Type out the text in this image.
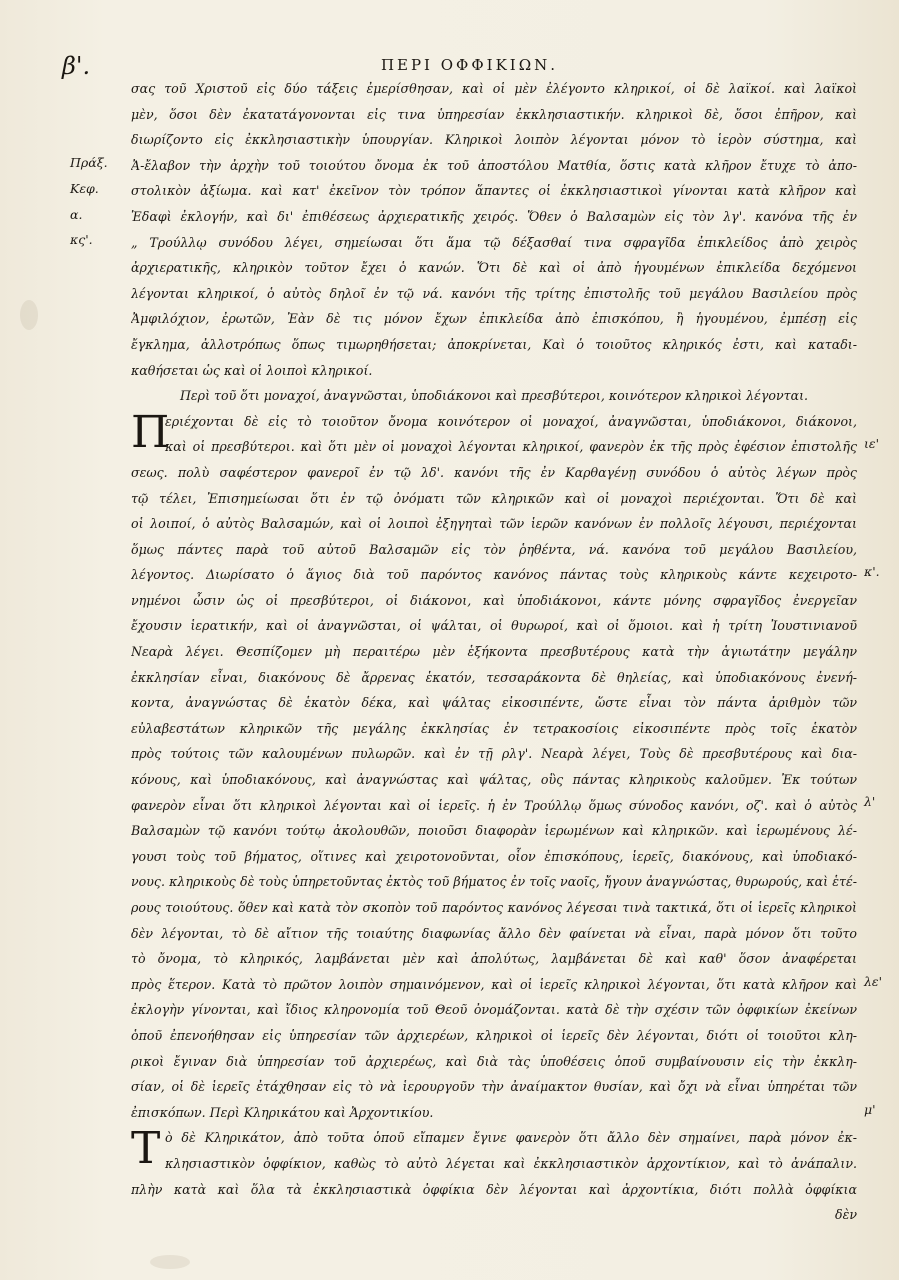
β'.	ΠΕΡΙ ΟΦΦΙΚΙΩΝ.
Πράξ.
Κεφ.
α.
κς'.
ιε'
κ'.
λ'
λε'
μ'
σας τοῦ Χριστοῦ εἰς δύο τάξεις ἐμερίσθησαν, καὶ οἱ μὲν ἐλέγοντο κληρικοί, οἱ δὲ λαϊκοί. καὶ λαϊκοὶ
μὲν, ὅσοι δὲν ἐκατατάγονονται εἰς τινα ὑπηρεσίαν ἐκκλησιαστικήν. κληρικοὶ δὲ, ὅσοι ἐπῆρον, καὶ
διωρίζοντο εἰς ἐκκλησιαστικὴν ὑπουργίαν. Κληρικοὶ λοιπὸν λέγονται μόνον τὸ ἱερὸν σύστημα, καὶ
Ἀ-ἔλαβον τὴν ἀρχὴν τοῦ τοιούτου ὄνομα ἐκ τοῦ ἀποστόλου Ματθία, ὅστις κατὰ κλῆρον ἔτυχε τὸ ἀπο-
στολικὸν ἀξίωμα. καὶ κατ' ἐκεῖνον τὸν τρόπον ἅπαντες οἱ ἐκκλησιαστικοὶ γίνονται κατὰ κλῆρον καὶ
Ἐδαφὶ ἐκλογήν, καὶ δι' ἐπιθέσεως ἀρχιερατικῆς χειρός. Ὅθεν ὁ Βαλσαμὼν εἰς τὸν λγ'. κανόνα τῆς ἐν
„ Τρούλλῳ συνόδου λέγει, σημείωσαι ὅτι ἅμα τῷ δέξασθαί τινα σφραγῖδα ἐπικλείδος ἀπὸ χειρὸς
ἀρχιερατικῆς, κληρικὸν τοῦτον ἔχει ὁ κανών. Ὅτι δὲ καὶ οἱ ἀπὸ ἡγουμένων ἐπικλείδα δεχόμενοι
λέγονται κληρικοί, ὁ αὐτὸς δηλοῖ ἐν τῷ νά. κανόνι τῆς τρίτης ἐπιστολῆς τοῦ μεγάλου Βασιλείου πρὸς
Ἀμφιλόχιον, ἐρωτῶν, Ἐὰν δὲ τις μόνον ἔχων ἐπικλείδα ἀπὸ ἐπισκόπου, ἢ ἡγουμένου, ἐμπέσῃ εἰς
ἔγκλημα, ἀλλοτρόπως ὅπως τιμωρηθήσεται; ἀποκρίνεται, Καὶ ὁ τοιοῦτος κληρικός ἐστι, καὶ καταδι-
καθήσεται ὡς καὶ οἱ λοιποὶ κληρικοί.
Περὶ τοῦ ὅτι μοναχοί, ἀναγνῶσται, ὑποδιάκονοι καὶ πρεσβύτεροι, κοινότερον κληρικοὶ λέγονται.
Π
εριέχονται δὲ εἰς τὸ τοιοῦτον ὄνομα κοινότερον οἱ μοναχοί, ἀναγνῶσται, ὑποδιάκονοι, διάκονοι,
καὶ οἱ πρεσβύτεροι. καὶ ὅτι μὲν οἱ μοναχοὶ λέγονται κληρικοί, φανερὸν ἐκ τῆς πρὸς ἐφέσιον ἐπιστολῆς
σεως. πολὺ σαφέστερον φανεροῖ ἐν τῷ λδ'. κανόνι τῆς ἐν Καρθαγένῃ συνόδου ὁ αὐτὸς λέγων πρὸς
τῷ τέλει, Ἐπισημείωσαι ὅτι ἐν τῷ ὀνόματι τῶν κληρικῶν καὶ οἱ μοναχοὶ περιέχονται. Ὅτι δὲ καὶ
οἱ λοιποί, ὁ αὐτὸς Βαλσαμών, καὶ οἱ λοιποὶ ἐξηγηταὶ τῶν ἱερῶν κανόνων ἐν πολλοῖς λέγουσι, περιέχονται
ὅμως πάντες παρὰ τοῦ αὐτοῦ Βαλσαμῶν εἰς τὸν ῥηθέντα, νά. κανόνα τοῦ μεγάλου Βασιλείου,
λέγοντος. Διωρίσατο ὁ ἅγιος διὰ τοῦ παρόντος κανόνος πάντας τοὺς κληρικοὺς κάντε κεχειροτο-
νημένοι ὦσιν ὡς οἱ πρεσβύτεροι, οἱ διάκονοι, καὶ ὑποδιάκονοι, κάντε μόνης σφραγῖδος ἐνεργεῖαν
ἔχουσιν ἱερατικήν, καὶ οἱ ἀναγνῶσται, οἱ ψάλται, οἱ θυρωροί, καὶ οἱ ὅμοιοι. καὶ ἡ τρίτη Ἰουστινιανοῦ
Νεαρὰ λέγει. Θεσπίζομεν μὴ περαιτέρω μὲν ἑξήκοντα πρεσβυτέρους κατὰ τὴν ἁγιωτάτην μεγάλην
ἐκκλησίαν εἶναι, διακόνους δὲ ἄρρενας ἑκατόν, τεσσαράκοντα δὲ θηλείας, καὶ ὑποδιακόνους ἐνενή-
κοντα, ἀναγνώστας δὲ ἑκατὸν δέκα, καὶ ψάλτας εἰκοσιπέντε, ὥστε εἶναι τὸν πάντα ἀριθμὸν τῶν
εὐλαβεστάτων κληρικῶν τῆς μεγάλης ἐκκλησίας ἐν τετρακοσίοις εἰκοσιπέντε πρὸς τοῖς ἑκατὸν
πρὸς τούτοις τῶν καλουμένων πυλωρῶν. καὶ ἐν τῇ ρλγ'. Νεαρὰ λέγει, Τοὺς δὲ πρεσβυτέρους καὶ δια-
κόνους, καὶ ὑποδιακόνους, καὶ ἀναγνώστας καὶ ψάλτας, οὓς πάντας κληρικοὺς καλοῦμεν. Ἐκ τούτων
φανερὸν εἶναι ὅτι κληρικοὶ λέγονται καὶ οἱ ἱερεῖς. ἡ ἐν Τρούλλῳ ὅμως σύνοδος κανόνι, οζ'. καὶ ὁ αὐτὸς
Βαλσαμὼν τῷ κανόνι τούτῳ ἀκολουθῶν, ποιοῦσι διαφορὰν ἱερωμένων καὶ κληρικῶν. καὶ ἱερωμένους λέ-
γουσι τοὺς τοῦ βήματος, οἵτινες καὶ χειροτονοῦνται, οἷον ἐπισκόπους, ἱερεῖς, διακόνους, καὶ ὑποδιακό-
νους. κληρικοὺς δὲ τοὺς ὑπηρετοῦντας ἐκτὸς τοῦ βήματος ἐν τοῖς ναοῖς, ἤγουν ἀναγνώστας, θυρωρούς, καὶ ἑτέ-
ρους τοιούτους. ὅθεν καὶ κατὰ τὸν σκοπὸν τοῦ παρόντος κανόνος λέγεσαι τινὰ τακτικά, ὅτι οἱ ἱερεῖς κληρικοὶ
δὲν λέγονται, τὸ δὲ αἴτιον τῆς τοιαύτης διαφωνίας ἄλλο δὲν φαίνεται νὰ εἶναι, παρὰ μόνον ὅτι τοῦτο
τὸ ὄνομα, τὸ κληρικός, λαμβάνεται μὲν καὶ ἀπολύτως, λαμβάνεται δὲ καὶ καθ' ὅσον ἀναφέρεται
πρὸς ἕτερον. Κατὰ τὸ πρῶτον λοιπὸν σημαινόμενον, καὶ οἱ ἱερεῖς κληρικοὶ λέγονται, ὅτι κατὰ κλῆρον καὶ
ἐκλογὴν γίνονται, καὶ ἴδιος κληρονομία τοῦ Θεοῦ ὀνομάζονται. κατὰ δὲ τὴν σχέσιν τῶν ὀφφικίων ἐκείνων
ὁποῦ ἐπενοήθησαν εἰς ὑπηρεσίαν τῶν ἀρχιερέων, κληρικοὶ οἱ ἱερεῖς δὲν λέγονται, διότι οἱ τοιοῦτοι κλη-
ρικοὶ ἔγιναν διὰ ὑπηρεσίαν τοῦ ἀρχιερέως, καὶ διὰ τὰς ὑποθέσεις ὁποῦ συμβαίνουσιν εἰς τὴν ἐκκλη-
σίαν, οἱ δὲ ἱερεῖς ἐτάχθησαν εἰς τὸ νὰ ἱερουργοῦν τὴν ἀναίμακτον θυσίαν, καὶ ὄχι νὰ εἶναι ὑπηρέται τῶν
ἐπισκόπων. Περὶ Κληρικάτου καὶ Ἀρχοντικίου.
Τ ὸ δὲ Κληρικάτον, ἀπὸ τοῦτα ὁποῦ εἴπαμεν ἔγινε φανερὸν ὅτι ἄλλο δὲν σημαίνει, παρὰ μόνον ἐκ-
κλησιαστικὸν ὀφφίκιον, καθὼς τὸ αὐτὸ λέγεται καὶ ἐκκλησιαστικὸν ἀρχοντίκιον, καὶ τὸ ἀνάπαλιν.
πλὴν κατὰ καὶ ὅλα τὰ ἐκκλησιαστικὰ ὀφφίκια δὲν λέγονται καὶ ἀρχοντίκια, διότι πολλὰ ὀφφίκια
δὲν
